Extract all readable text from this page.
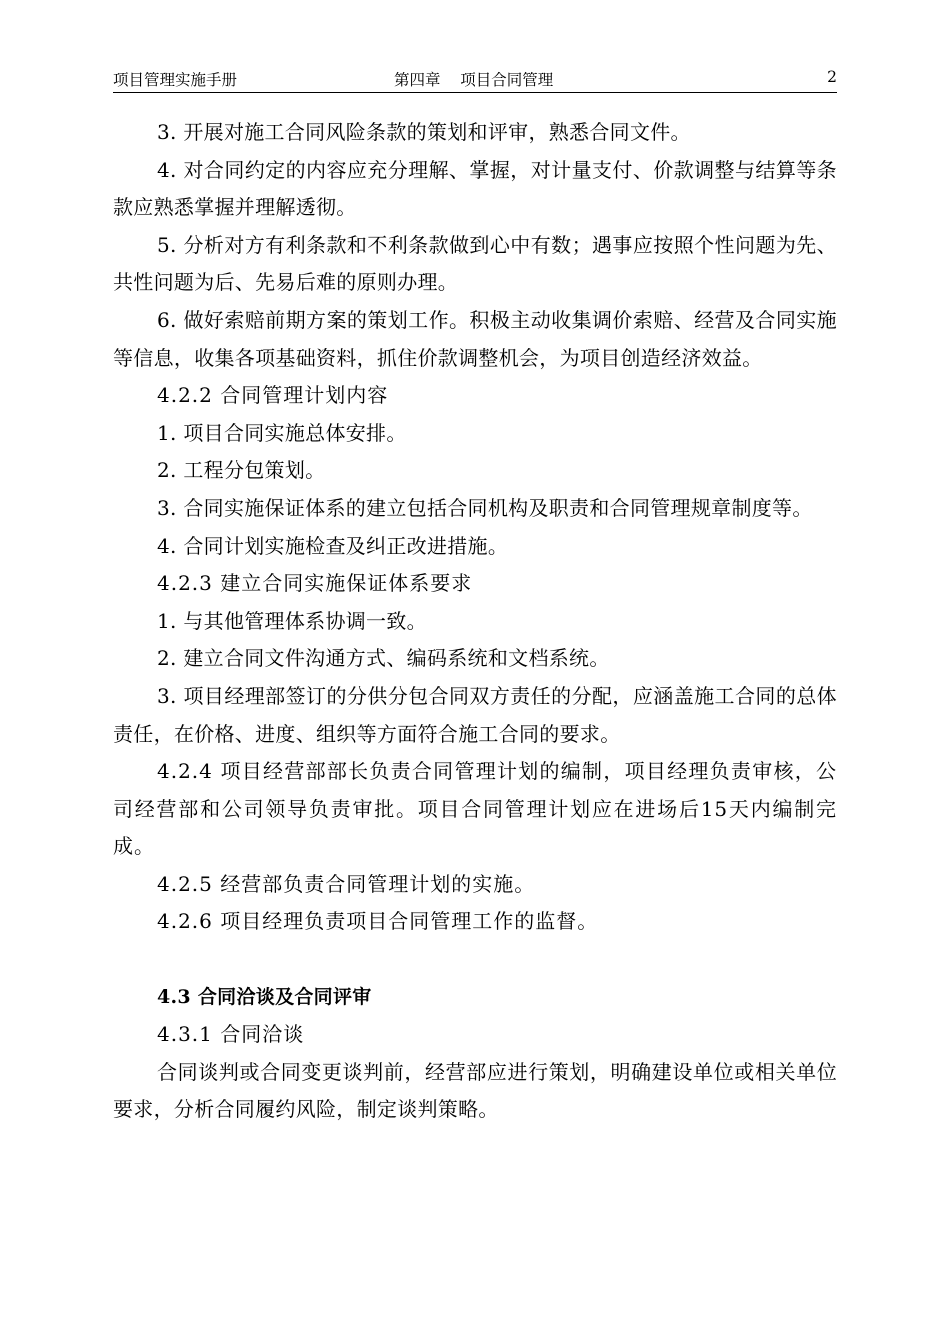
项目管理实施手册	第四章    项目合同管理	2

3. 开展对施工合同风险条款的策划和评审，熟悉合同文件。

4. 对合同约定的内容应充分理解、掌握，对计量支付、价款调整与结算等条款应熟悉掌握并理解透彻。

5. 分析对方有利条款和不利条款做到心中有数；遇事应按照个性问题为先、共性问题为后、先易后难的原则办理。

6. 做好索赔前期方案的策划工作。积极主动收集调价索赔、经营及合同实施等信息，收集各项基础资料，抓住价款调整机会，为项目创造经济效益。

4.2.2 合同管理计划内容

1. 项目合同实施总体安排。

2. 工程分包策划。

3. 合同实施保证体系的建立包括合同机构及职责和合同管理规章制度等。

4. 合同计划实施检查及纠正改进措施。

4.2.3 建立合同实施保证体系要求

1. 与其他管理体系协调一致。

2. 建立合同文件沟通方式、编码系统和文档系统。

3. 项目经理部签订的分供分包合同双方责任的分配，应涵盖施工合同的总体责任，在价格、进度、组织等方面符合施工合同的要求。

4.2.4 项目经营部部长负责合同管理计划的编制，项目经理负责审核，公司经营部和公司领导负责审批。项目合同管理计划应在进场后15天内编制完成。

4.2.5 经营部负责合同管理计划的实施。

4.2.6 项目经理负责项目合同管理工作的监督。

4.3 合同洽谈及合同评审

4.3.1 合同洽谈

合同谈判或合同变更谈判前，经营部应进行策划，明确建设单位或相关单位要求，分析合同履约风险，制定谈判策略。
